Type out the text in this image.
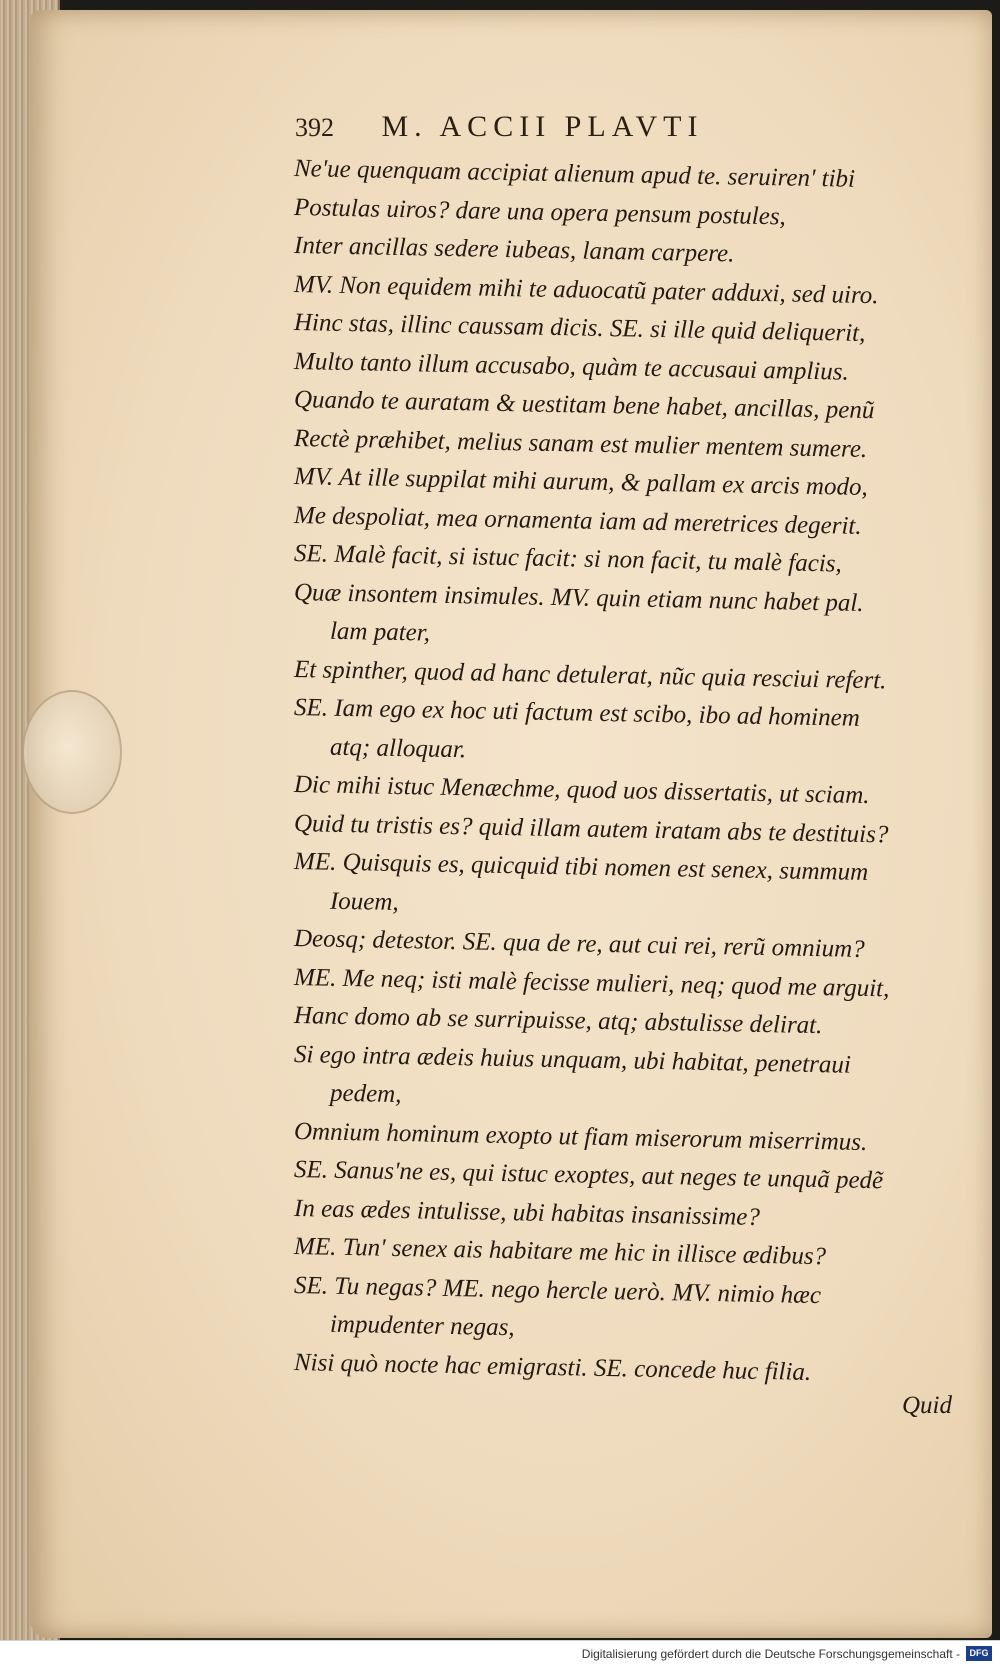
392 M. ACCII PLAVTI
Ne'ue quenquam accipiat alienum apud te. seruiren' tibi
Postulas uiros? dare una opera pensum postules,
Inter ancillas sedere iubeas, lanam carpere.
MV. Non equidem mihi te aduocatũ pater adduxi, sed uiro.
Hinc stas, illinc caussam dicis. SE. si ille quid deliquerit,
Multo tanto illum accusabo, quàm te accusaui amplius.
Quando te auratam & uestitam bene habet, ancillas, penũ
Rectè præhibet, melius sanam est mulier mentem sumere.
MV. At ille suppilat mihi aurum, & pallam ex arcis modo,
Me despoliat, mea ornamenta iam ad meretrices degerit.
SE. Malè facit, si istuc facit: si non facit, tu malè facis,
Quæ insontem insimules. MV. quin etiam nunc habet pal.
lam pater,
Et spinther, quod ad hanc detulerat, nũc quia resciui refert.
SE. Iam ego ex hoc uti factum est scibo, ibo ad hominem
atq; alloquar.
Dic mihi istuc Menæchme, quod uos dissertatis, ut sciam.
Quid tu tristis es? quid illam autem iratam abs te destituis?
ME. Quisquis es, quicquid tibi nomen est senex, summum
Iouem,
Deosq; detestor. SE. qua de re, aut cui rei, rerũ omnium?
ME. Me neq; isti malè fecisse mulieri, neq; quod me arguit,
Hanc domo ab se surripuisse, atq; abstulisse delirat.
Si ego intra ædeis huius unquam, ubi habitat, penetraui
pedem,
Omnium hominum exopto ut fiam miserorum miserrimus.
SE. Sanus'ne es, qui istuc exoptes, aut neges te unquã pedẽ
In eas ædes intulisse, ubi habitas insanissime?
ME. Tun' senex ais habitare me hic in illisce ædibus?
SE. Tu negas? ME. nego hercle uerò. MV. nimio hæc
impudenter negas,
Nisi quò nocte hac emigrasti. SE. concede huc filia.
Quid
Digitalisierung gefördert durch die Deutsche Forschungsgemeinschaft -	DFG
